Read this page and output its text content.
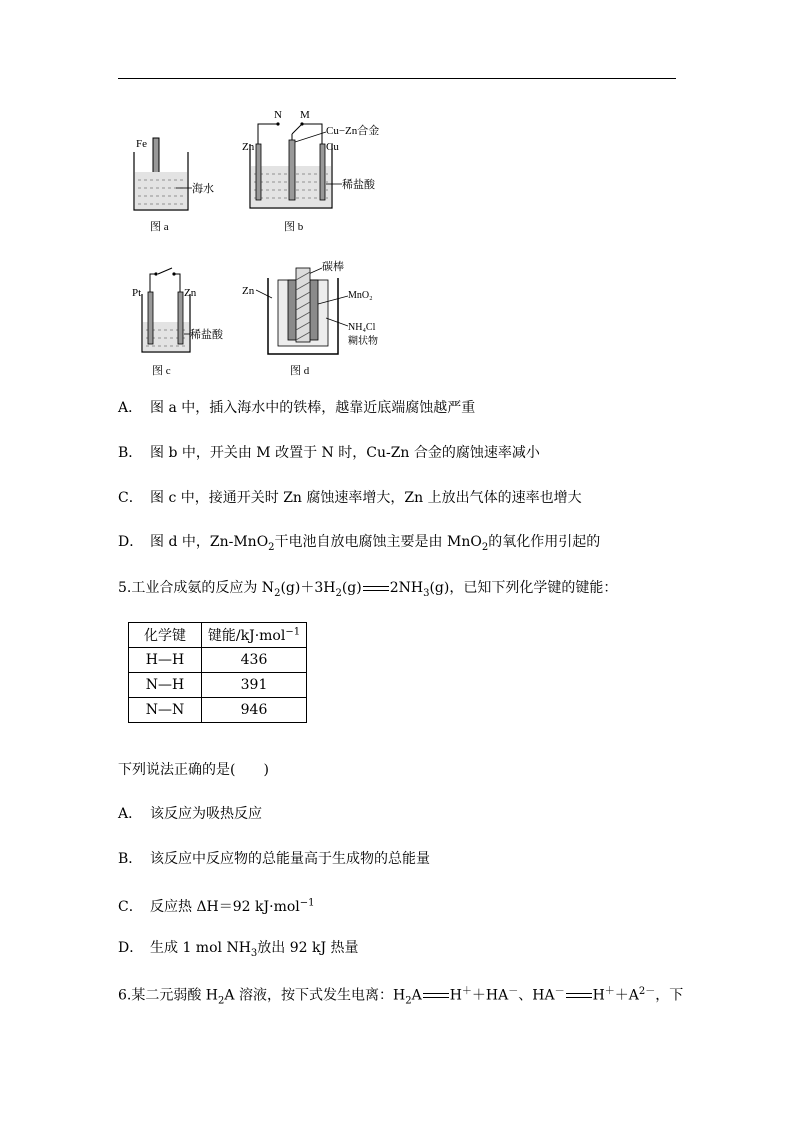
Fe
海水
图 a
N M
Zn
Cu−Zn合金
Cu
稀盐酸
图 b
Pt	Zn
稀盐酸
图 c
碳棒
Zn	MnO₂
NH₄Cl
糊状物
图 d
A． 图 a 中，插入海水中的铁棒，越靠近底端腐蚀越严重
B． 图 b 中，开关由 M 改置于 N 时，Cu-Zn 合金的腐蚀速率减小
C． 图 c 中，接通开关时 Zn 腐蚀速率增大，Zn 上放出气体的速率也增大
D． 图 d 中，Zn-MnO$_2$干电池自放电腐蚀主要是由 MnO$_2$的氧化作用引起的
5.工业合成氨的反应为 $N_2(g)+3H_2(g)$ $2NH_3(g)$，已知下列化学键的键能：
化学键	键能/kJ·mol$^{-1}$
H—H	436
N—H	391
N—N	946
下列说法正确的是(　　)
A． 该反应为吸热反应
B． 该反应中反应物的总能量高于生成物的总能量
C． 反应热 ΔH＝92 kJ·mol$^{-1}$
D． 生成 1 mol $NH_3$放出 92 kJ 热量
6.某二元弱酸 $H_2A$ 溶液，按下式发生电离：$H_2A$ H＋＋HA－、HA－ $H^++A^{2-}$，下
